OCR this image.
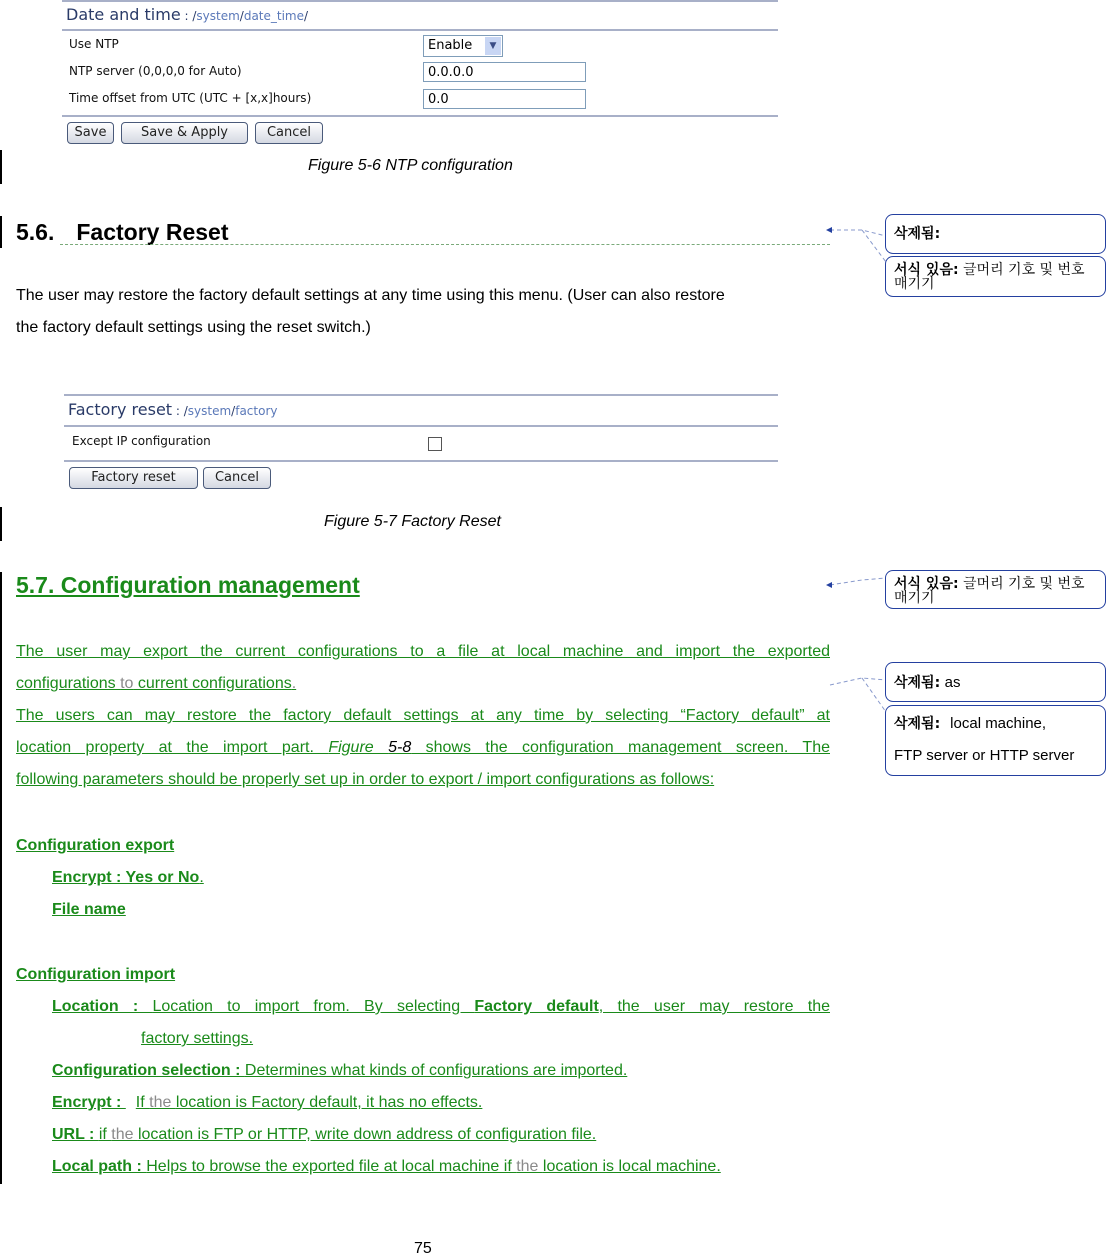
Date and time : /system/date_time/
Use NTP	Enable	▼
NTP server (0,0,0,0 for Auto)	0.0.0.0
Time offset from UTC (UTC + [x,x]hours)	0.0
Save	Save & Apply	Cancel
Figure 5-6 NTP configuration
5.6. Factory Reset
The user may restore the factory default settings at any time using this menu. (User can also restore
the factory default settings using the reset switch.)
Factory reset : /system/factory
Except IP configuration
Factory reset	Cancel
Figure 5-7 Factory Reset
5.7. Configuration management
The user may export the current configurations to a file at local machine and import the exported
configurations to current configurations.
The users can may restore the factory default settings at any time by selecting “Factory default” at
location property at the import part. Figure 5-8 shows the configuration management screen. The
following parameters should be properly set up in order to export / import configurations as follows:
Configuration export
Encrypt : Yes or No.
File name
Configuration import
Location : Location to import from. By selecting Factory default, the user may restore the
factory settings.
Configuration selection : Determines what kinds of configurations are imported.
Encrypt : If the location is Factory default, it has no effects.
URL : if the location is FTP or HTTP, write down address of configuration file.
Local path : Helps to browse the exported file at local machine if the location is local machine.
삭제됨:
서식 있음: 글머리 기호 및 번호 매기기
서식 있음: 글머리 기호 및 번호 매기기
삭제됨: as
삭제됨: local machine,
FTP server or HTTP server
75
